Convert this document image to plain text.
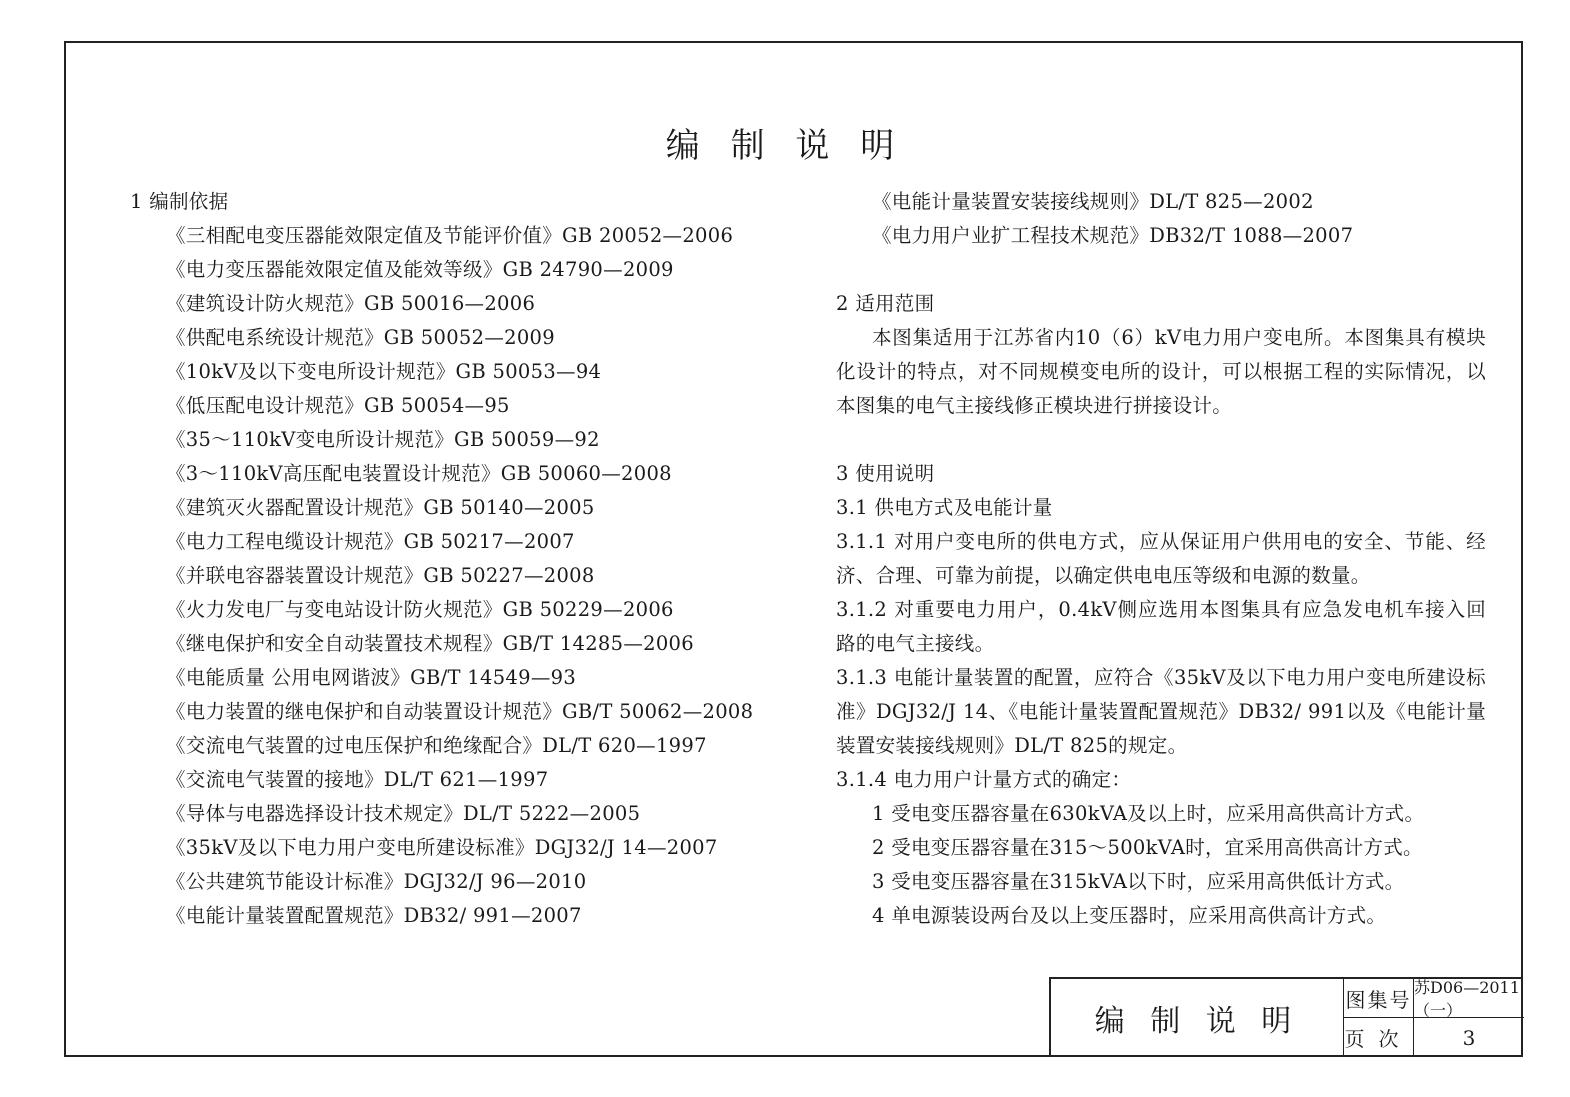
编 制 说 明
1 编制依据
《三相配电变压器能效限定值及节能评价值》GB 20052—2006
《电力变压器能效限定值及能效等级》GB 24790—2009
《建筑设计防火规范》GB 50016—2006
《供配电系统设计规范》GB 50052—2009
《10kV及以下变电所设计规范》GB 50053—94
《低压配电设计规范》GB 50054—95
《35～110kV变电所设计规范》GB 50059—92
《3～110kV高压配电装置设计规范》GB 50060—2008
《建筑灭火器配置设计规范》GB 50140—2005
《电力工程电缆设计规范》GB 50217—2007
《并联电容器装置设计规范》GB 50227—2008
《火力发电厂与变电站设计防火规范》GB 50229—2006
《继电保护和安全自动装置技术规程》GB/T 14285—2006
《电能质量 公用电网谐波》GB/T 14549—93
《电力装置的继电保护和自动装置设计规范》GB/T 50062—2008
《交流电气装置的过电压保护和绝缘配合》DL/T 620—1997
《交流电气装置的接地》DL/T 621—1997
《导体与电器选择设计技术规定》DL/T 5222—2005
《35kV及以下电力用户变电所建设标准》DGJ32/J 14—2007
《公共建筑节能设计标准》DGJ32/J 96—2010
《电能计量装置配置规范》DB32/ 991—2007
《电能计量装置安装接线规则》DL/T 825—2002
《电力用户业扩工程技术规范》DB32/T 1088—2007
2 适用范围
本图集适用于江苏省内10（6）kV电力用户变电所。本图集具有模块化设计的特点，对不同规模变电所的设计，可以根据工程的实际情况，以本图集的电气主接线修正模块进行拼接设计。
3 使用说明
3.1 供电方式及电能计量
3.1.1 对用户变电所的供电方式，应从保证用户供用电的安全、节能、经济、合理、可靠为前提，以确定供电电压等级和电源的数量。
3.1.2 对重要电力用户，0.4kV侧应选用本图集具有应急发电机车接入回路的电气主接线。
3.1.3 电能计量装置的配置，应符合《35kV及以下电力用户变电所建设标准》DGJ32/J 14、《电能计量装置配置规范》DB32/ 991以及《电能计量装置安装接线规则》DL/T 825的规定。
3.1.4 电力用户计量方式的确定：
1 受电变压器容量在630kVA及以上时，应采用高供高计方式。
2 受电变压器容量在315～500kVA时，宜采用高供高计方式。
3 受电变压器容量在315kVA以下时，应采用高供低计方式。
4 单电源装设两台及以上变压器时，应采用高供高计方式。
编 制 说 明
图集号 苏D06—2011（一）
页次	3
